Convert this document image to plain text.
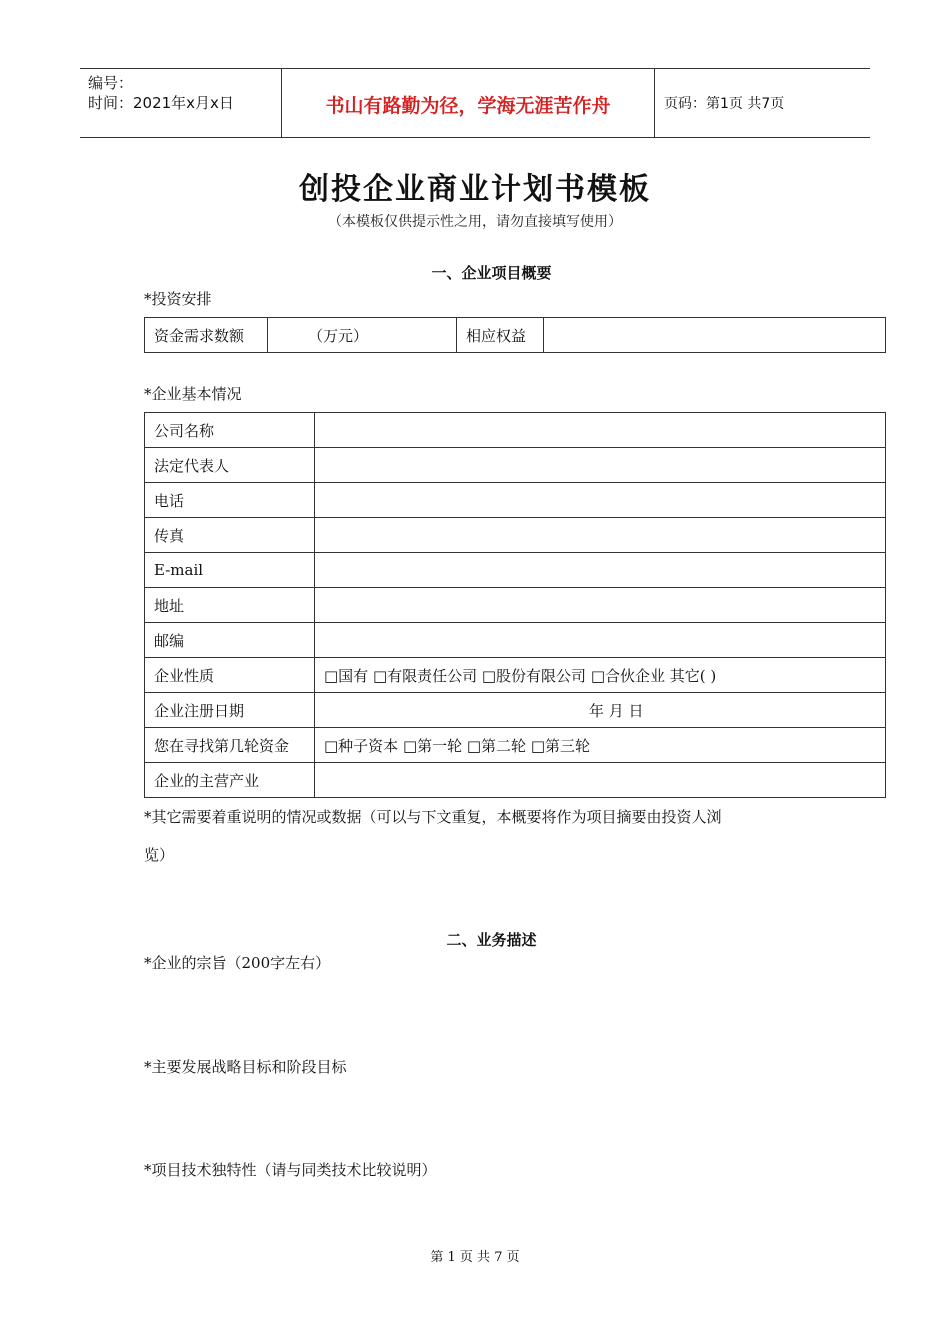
编号：
时间：2021年x月x日	书山有路勤为径，学海无涯苦作舟	页码：第1页 共7页
创投企业商业计划书模板
（本模板仅供提示性之用，请勿直接填写使用）
一、企业项目概要
*投资安排
资金需求数额	（万元）	相应权益	
*企业基本情况
公司名称	
法定代表人	
电话	
传真	
E-mail	
地址	
邮编	
企业性质	□国有 □有限责任公司 □股份有限公司 □合伙企业 其它( )
企业注册日期	年 月 日
您在寻找第几轮资金	□种子资本 □第一轮 □第二轮 □第三轮
企业的主营产业	
*其它需要着重说明的情况或数据（可以与下文重复，本概要将作为项目摘要由投资人浏
览）
二、业务描述
*企业的宗旨（200字左右）
*主要发展战略目标和阶段目标
*项目技术独特性（请与同类技术比较说明）
第 1 页 共 7 页
